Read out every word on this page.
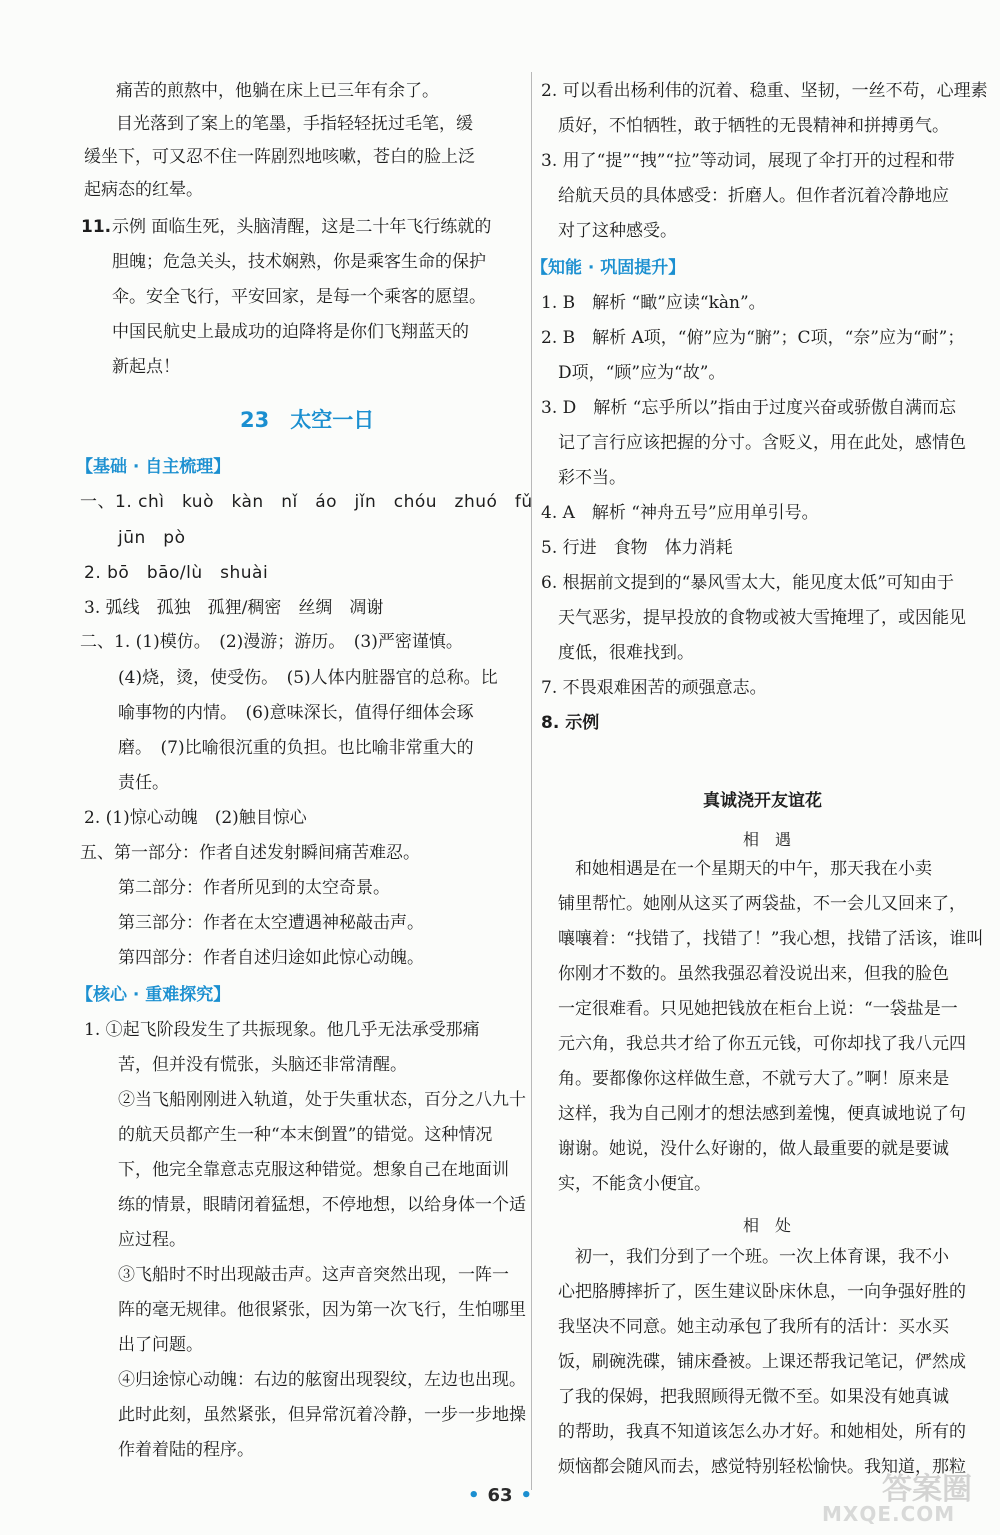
痛苦的煎熬中，他躺在床上已三年有余了。
目光落到了案上的笔墨，手指轻轻抚过毛笔，缓
缓坐下，可又忍不住一阵剧烈地咳嗽，苍白的脸上泛
起病态的红晕。
11. 示例 面临生死，头脑清醒，这是二十年飞行练就的
胆魄；危急关头，技术娴熟，你是乘客生命的保护
伞。安全飞行，平安回家，是每一个乘客的愿望。
中国民航史上最成功的迫降将是你们飞翔蓝天的
新起点！
23　太空一日
【基础 · 自主梳理】
一、1. chì　kuò　kàn　nǐ　áo　jǐn　chóu　zhuó　fǔ
jūn　pò
2. bō　bāo/lù　shuài
3. 弧线　孤独　孤狸/稠密　丝绸　凋谢
二、1. (1)模仿。　(2)漫游；游历。　(3)严密谨慎。
(4)烧，烫，使受伤。　(5)人体内脏器官的总称。比
喻事物的内情。　(6)意味深长，值得仔细体会琢
磨。　(7)比喻很沉重的负担。也比喻非常重大的
责任。
2. (1)惊心动魄　(2)触目惊心
五、第一部分：作者自述发射瞬间痛苦难忍。
第二部分：作者所见到的太空奇景。
第三部分：作者在太空遭遇神秘敲击声。
第四部分：作者自述归途如此惊心动魄。
【核心 · 重难探究】
1. ①起飞阶段发生了共振现象。他几乎无法承受那痛
苦，但并没有慌张，头脑还非常清醒。
②当飞船刚刚进入轨道，处于失重状态，百分之八九十
的航天员都产生一种“本末倒置”的错觉。这种情况
下，他完全靠意志克服这种错觉。想象自己在地面训
练的情景，眼睛闭着猛想，不停地想，以给身体一个适
应过程。
③飞船时不时出现敲击声。这声音突然出现，一阵一
阵的毫无规律。他很紧张，因为第一次飞行，生怕哪里
出了问题。
④归途惊心动魄：右边的舷窗出现裂纹，左边也出现。
此时此刻，虽然紧张，但异常沉着冷静，一步一步地操
作着着陆的程序。
2. 可以看出杨利伟的沉着、稳重、坚韧，一丝不苟，心理素
质好，不怕牺牲，敢于牺牲的无畏精神和拼搏勇气。
3. 用了“提”“拽”“拉”等动词，展现了伞打开的过程和带
给航天员的具体感受：折磨人。但作者沉着冷静地应
对了这种感受。
【知能 · 巩固提升】
1. B　解析 “瞰”应读“kàn”。
2. B　解析 A项，“俯”应为“腑”；C项，“奈”应为“耐”；
D项，“顾”应为“故”。
3. D　解析 “忘乎所以”指由于过度兴奋或骄傲自满而忘
记了言行应该把握的分寸。含贬义，用在此处，感情色
彩不当。
4. A　解析 “神舟五号”应用单引号。
5. 行进　食物　体力消耗
6. 根据前文提到的“暴风雪太大，能见度太低”可知由于
天气恶劣，提早投放的食物或被大雪掩埋了，或因能见
度低，很难找到。
7. 不畏艰难困苦的顽强意志。
8. 示例
真诚浇开友谊花
相　遇
和她相遇是在一个星期天的中午，那天我在小卖
铺里帮忙。她刚从这买了两袋盐，不一会儿又回来了，
嚷嚷着：“找错了，找错了！”我心想，找错了活该，谁叫
你刚才不数的。虽然我强忍着没说出来，但我的脸色
一定很难看。只见她把钱放在柜台上说：“一袋盐是一
元六角，我总共才给了你五元钱，可你却找了我八元四
角。要都像你这样做生意，不就亏大了。”啊！原来是
这样，我为自己刚才的想法感到羞愧，便真诚地说了句
谢谢。她说，没什么好谢的，做人最重要的就是要诚
实，不能贪小便宜。
相　处
初一，我们分到了一个班。一次上体育课，我不小
心把胳膊摔折了，医生建议卧床休息，一向争强好胜的
我坚决不同意。她主动承包了我所有的活计：买水买
饭，刷碗洗碟，铺床叠被。上课还帮我记笔记，俨然成
了我的保姆，把我照顾得无微不至。如果没有她真诚
的帮助，我真不知道该怎么办才好。和她相处，所有的
烦恼都会随风而去，感觉特别轻松愉快。我知道，那粒
• 63 •	答案圈
MXQE.COM
